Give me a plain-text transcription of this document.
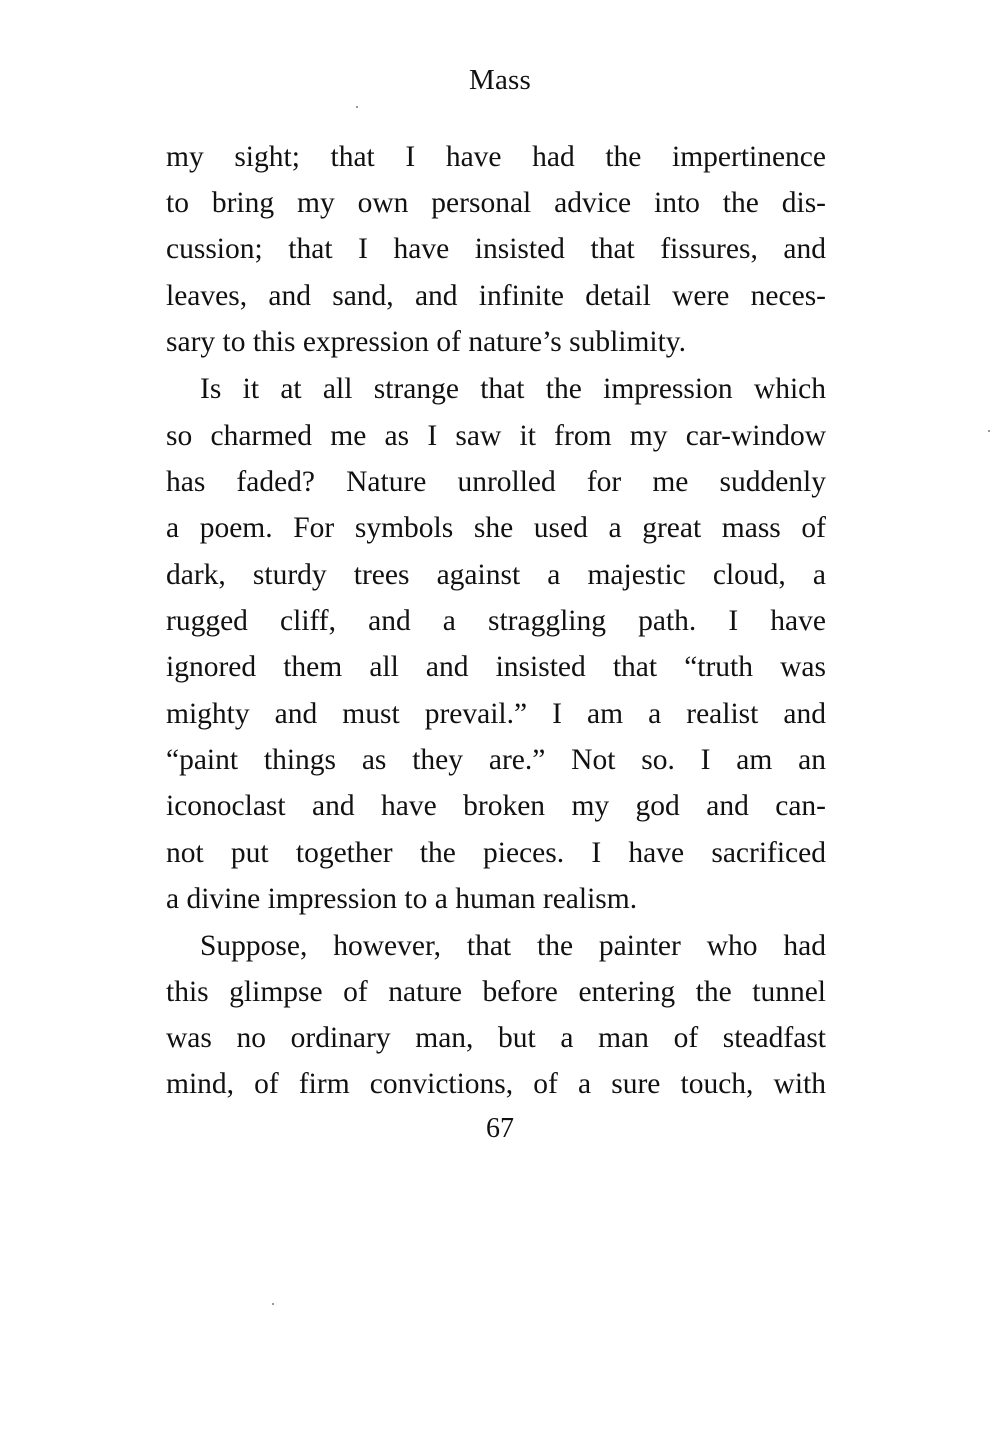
Mass
my sight; that I have had the impertinence
to bring my own personal advice into the dis-
cussion; that I have insisted that fissures, and
leaves, and sand, and infinite detail were neces-
sary to this expression of nature’s sublimity.
Is it at all strange that the impression which
so charmed me as I saw it from my car-window
has faded? Nature unrolled for me suddenly
a poem. For symbols she used a great mass of
dark, sturdy trees against a majestic cloud, a
rugged cliff, and a straggling path. I have
ignored them all and insisted that “truth was
mighty and must prevail.” I am a realist and
“paint things as they are.” Not so. I am an
iconoclast and have broken my god and can-
not put together the pieces. I have sacrificed
a divine impression to a human realism.
Suppose, however, that the painter who had
this glimpse of nature before entering the tunnel
was no ordinary man, but a man of steadfast
mind, of firm convictions, of a sure touch, with
67
